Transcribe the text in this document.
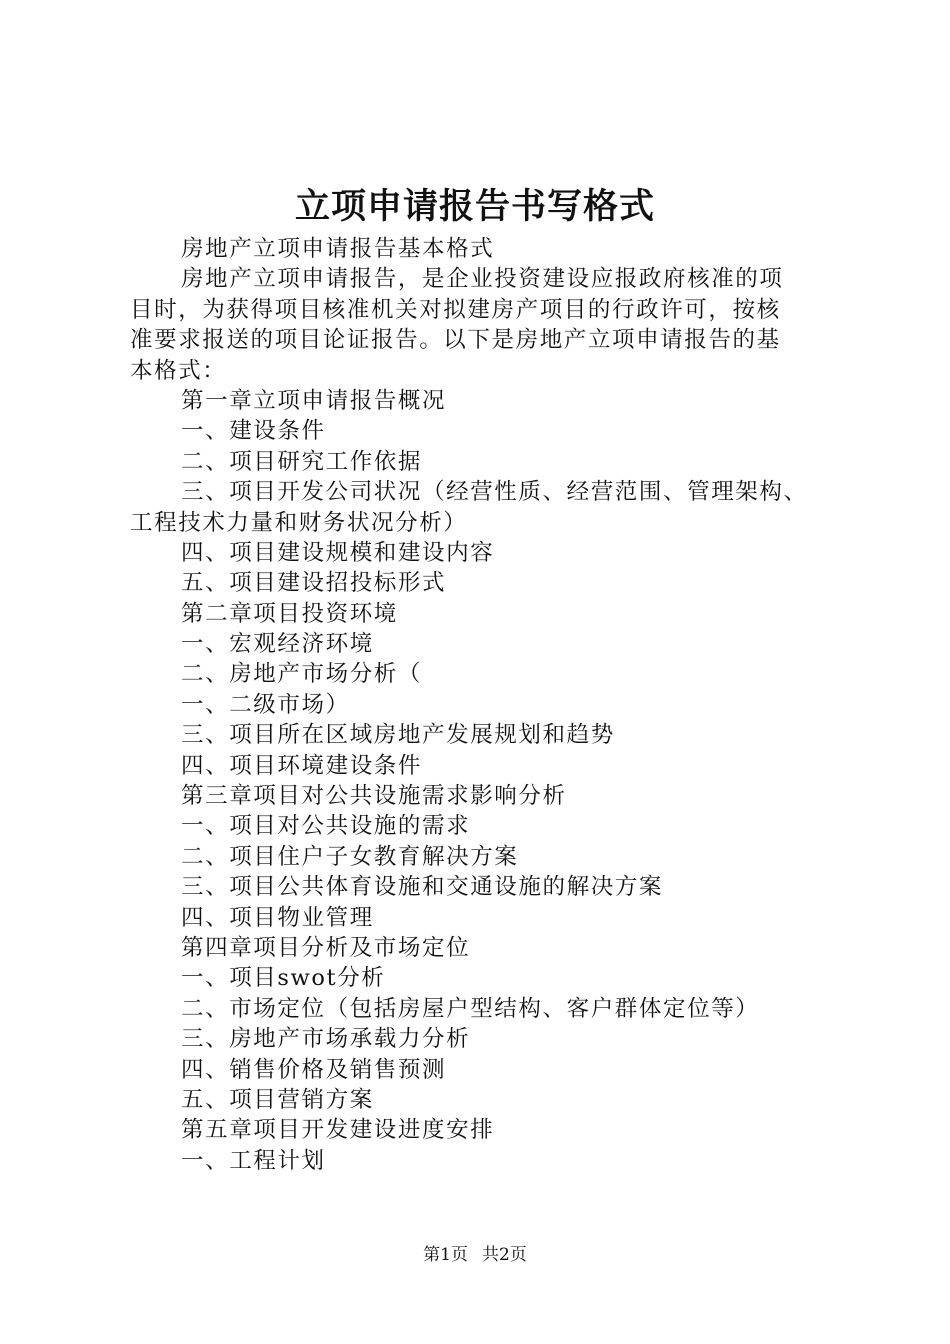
立项申请报告书写格式
房地产立项申请报告基本格式
房地产立项申请报告，是企业投资建设应报政府核准的项
目时，为获得项目核准机关对拟建房产项目的行政许可，按核
准要求报送的项目论证报告。以下是房地产立项申请报告的基
本格式：
第一章立项申请报告概况
一、建设条件
二、项目研究工作依据
三、项目开发公司状况（经营性质、经营范围、管理架构、
工程技术力量和财务状况分析）
四、项目建设规模和建设内容
五、项目建设招投标形式
第二章项目投资环境
一、宏观经济环境
二、房地产市场分析（
一、二级市场）
三、项目所在区域房地产发展规划和趋势
四、项目环境建设条件
第三章项目对公共设施需求影响分析
一、项目对公共设施的需求
二、项目住户子女教育解决方案
三、项目公共体育设施和交通设施的解决方案
四、项目物业管理
第四章项目分析及市场定位
一、项目swot分析
二、市场定位（包括房屋户型结构、客户群体定位等）
三、房地产市场承载力分析
四、销售价格及销售预测
五、项目营销方案
第五章项目开发建设进度安排
一、工程计划
第1页 共2页
